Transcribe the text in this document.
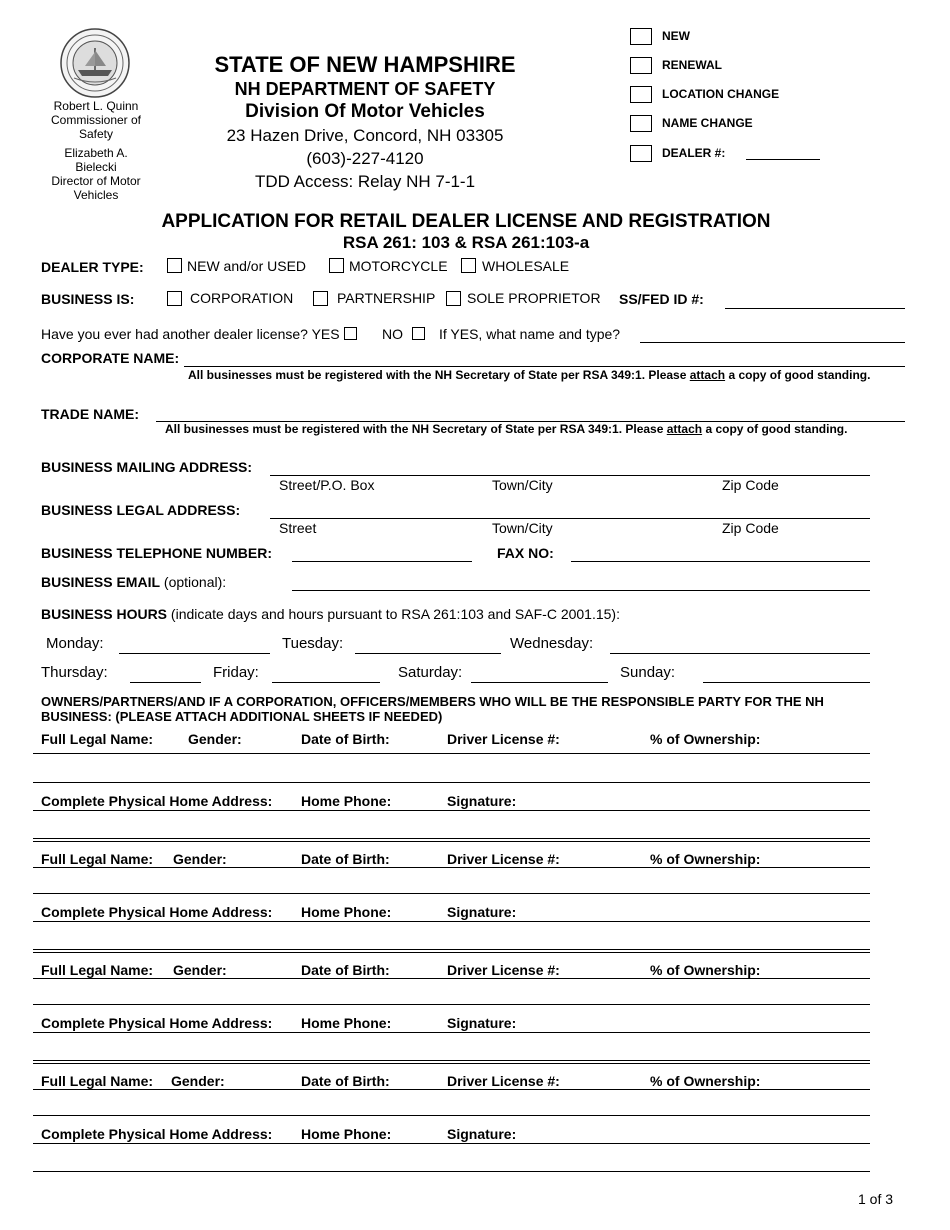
Robert L. Quinn
Commissioner of
Safety
Elizabeth A.
Bielecki
Director of Motor
Vehicles
STATE OF NEW HAMPSHIRE
NH DEPARTMENT OF SAFETY
Division Of Motor Vehicles
23 Hazen Drive, Concord, NH 03305
(603)-227-4120
TDD Access: Relay NH 7-1-1
NEW
RENEWAL
LOCATION CHANGE
NAME CHANGE
DEALER #:
APPLICATION FOR RETAIL DEALER LICENSE AND REGISTRATION
RSA 261: 103 & RSA 261:103-a
DEALER TYPE:	NEW and/or USED	MOTORCYCLE WHOLESALE
BUSINESS IS:	CORPORATION	PARTNERSHIP SOLE PROPRIETOR SS/FED ID #:
Have you ever had another dealer license? YES	NO	If YES, what name and type?
CORPORATE NAME:
All businesses must be registered with the NH Secretary of State per RSA 349:1. Please attach a copy of good standing.
TRADE NAME:
All businesses must be registered with the NH Secretary of State per RSA 349:1. Please attach a copy of good standing.
BUSINESS MAILING ADDRESS:
Street/P.O. Box	Town/City	Zip Code
BUSINESS LEGAL ADDRESS:
Street	Town/City	Zip Code
BUSINESS TELEPHONE NUMBER:	FAX NO:
BUSINESS EMAIL (optional):
BUSINESS HOURS (indicate days and hours pursuant to RSA 261:103 and SAF-C 2001.15):
Monday:	Tuesday:	Wednesday:
Thursday:	Friday:	Saturday:	Sunday:
OWNERS/PARTNERS/AND IF A CORPORATION, OFFICERS/MEMBERS WHO WILL BE THE RESPONSIBLE PARTY FOR THE NH
BUSINESS: (PLEASE ATTACH ADDITIONAL SHEETS IF NEEDED)
Full Legal Name: Gender:	Date of Birth:	Driver License #:	% of Ownership:
Complete Physical Home Address: Home Phone:	Signature:
Full Legal Name: Gender:	Date of Birth:	Driver License #:	% of Ownership:
Complete Physical Home Address: Home Phone:	Signature:
Full Legal Name: Gender:	Date of Birth:	Driver License #:	% of Ownership:
Complete Physical Home Address: Home Phone:	Signature:
Full Legal Name: Gender:	Date of Birth:	Driver License #:	% of Ownership:
Complete Physical Home Address: Home Phone:	Signature:
1 of 3
